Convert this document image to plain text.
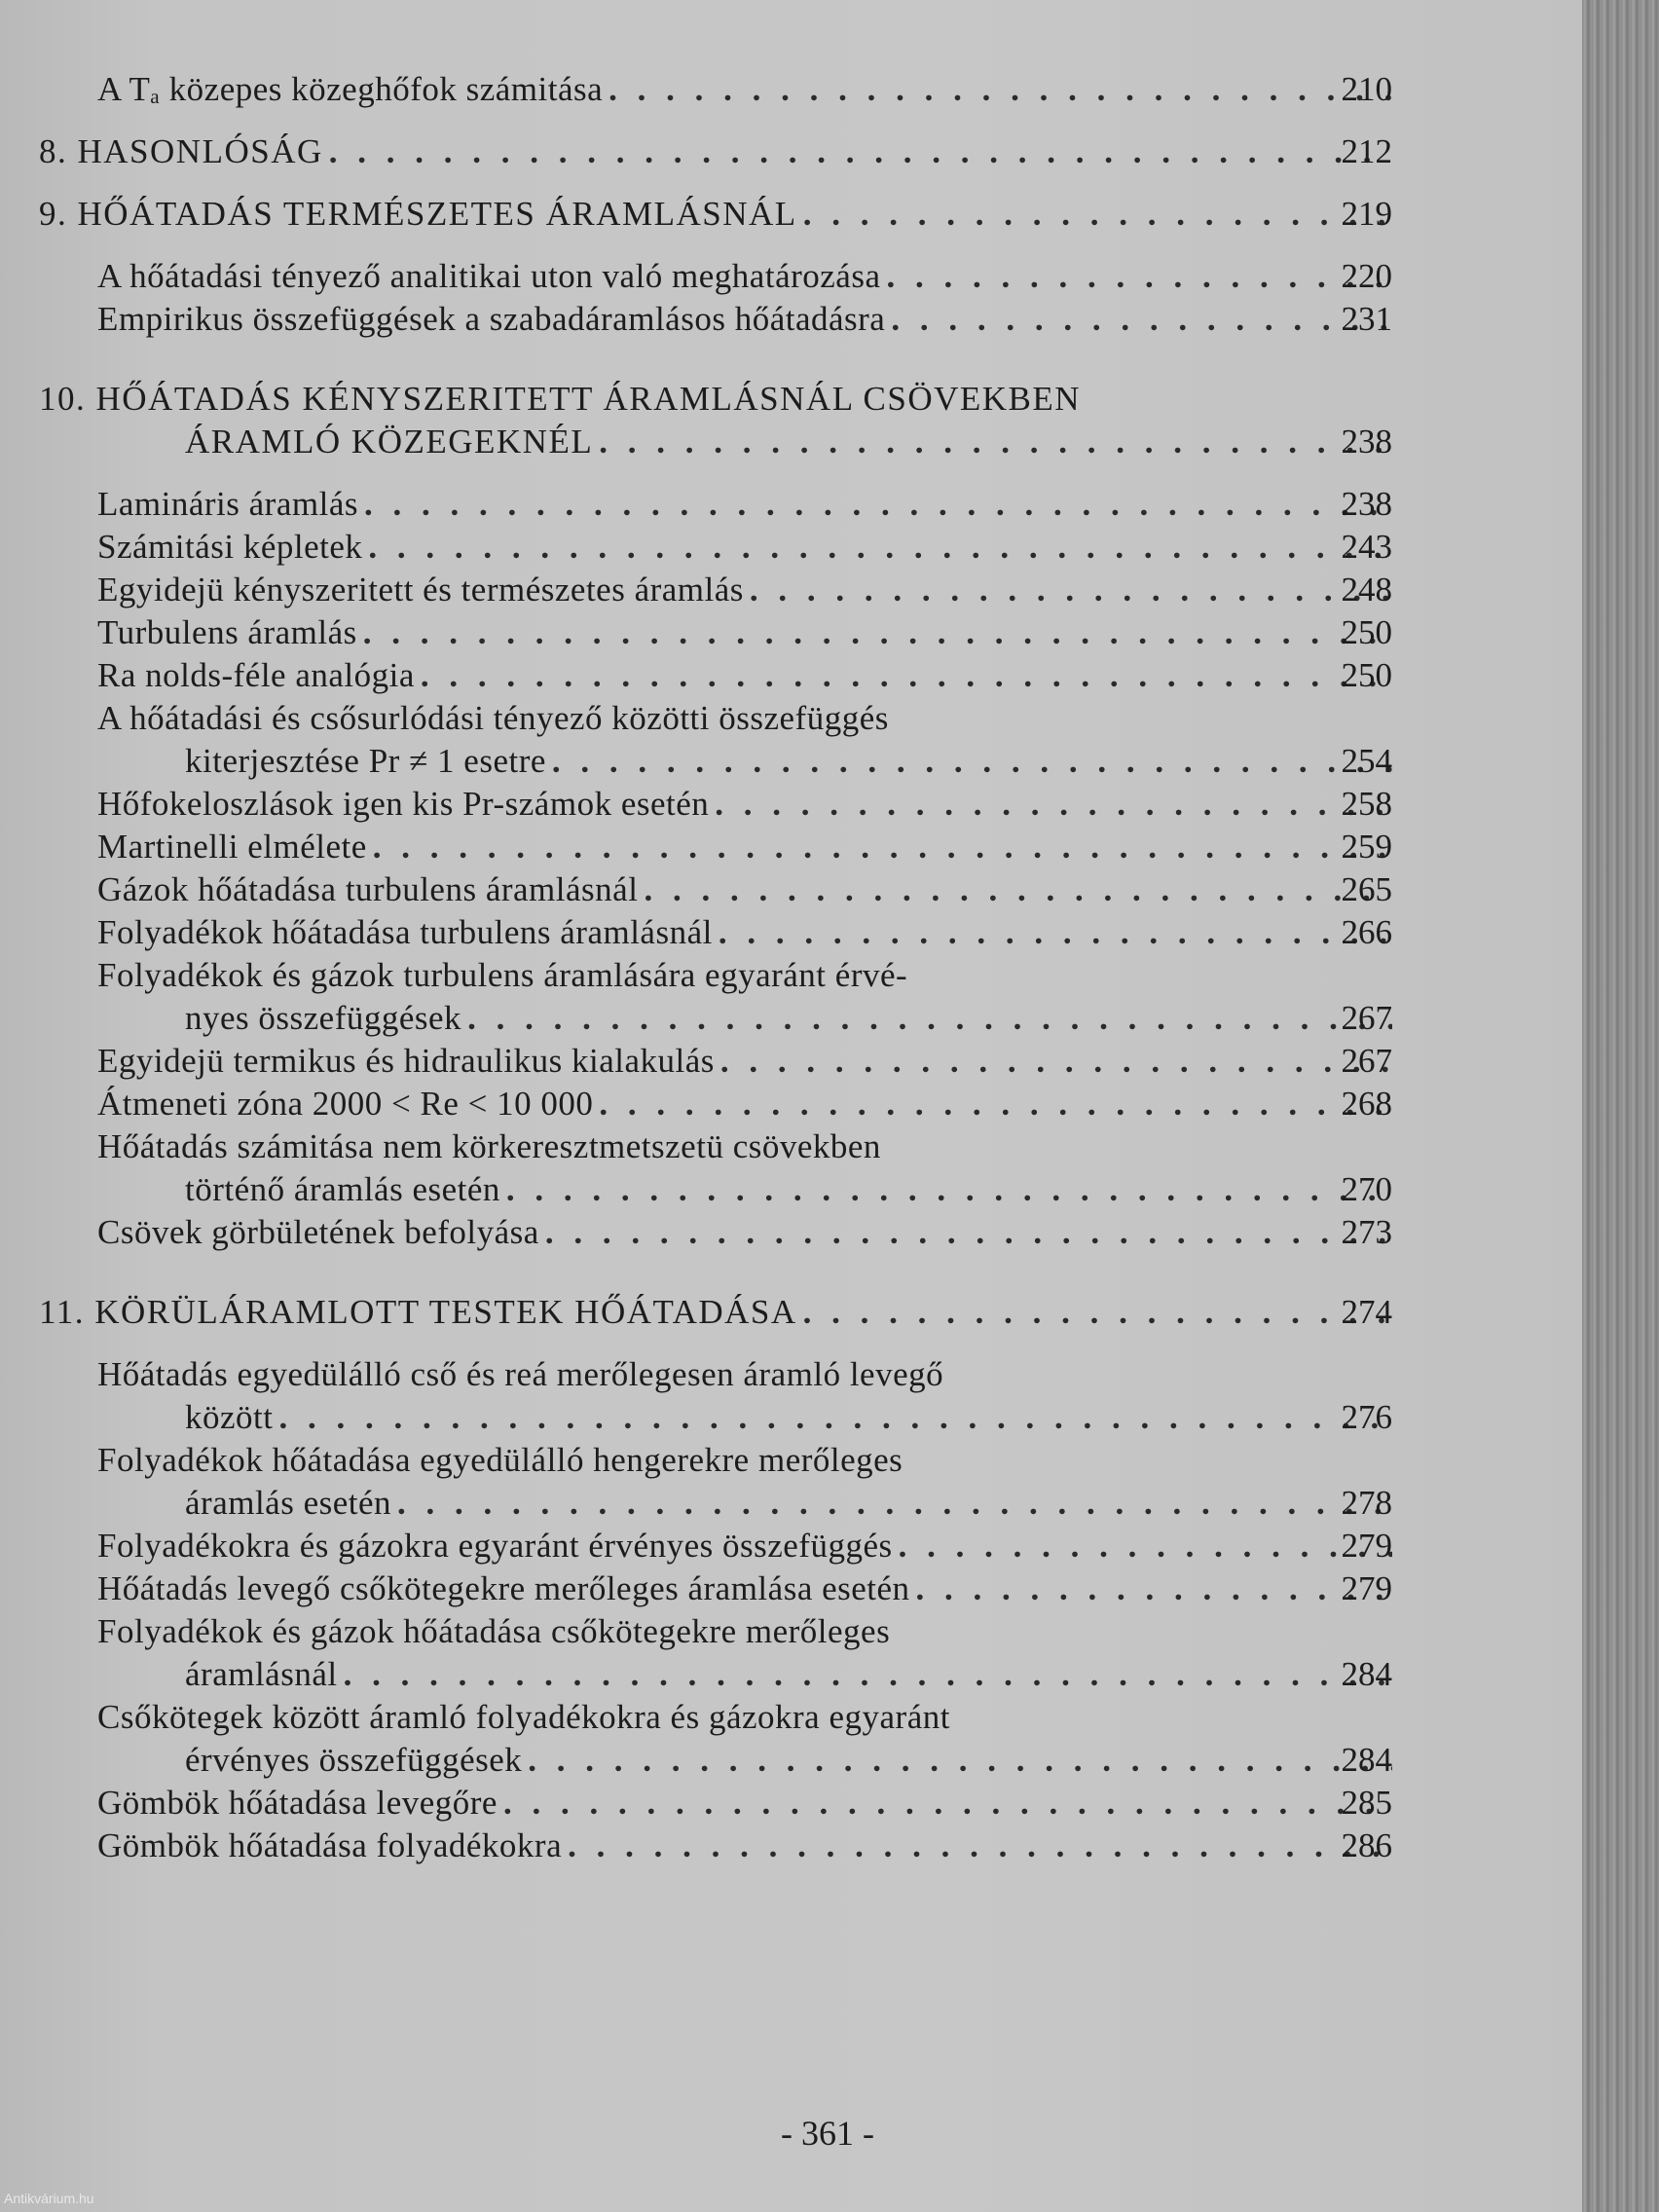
A Tₐ közepes közeghőfok számitása . . .	210
8. HASONLÓSÁG . . .	212
9. HŐÁTADÁS TERMÉSZETES ÁRAMLÁSNÁL . . .	219
A hőátadási tényező analitikai uton való meghatározása . . .	220
Empirikus összefüggések a szabadáramlásos hőátadásra . . .	231
10. HŐÁTADÁS KÉNYSZERITETT ÁRAMLÁSNÁL CSÖVEKBEN
ÁRAMLÓ KÖZEGEKNÉL . . .	238
Lamináris áramlás . . .	238
Számitási képletek . . .	243
Egyidejü kényszeritett és természetes áramlás . . .	248
Turbulens áramlás . . .	250
Ra nolds-féle analógia . . .	250
A hőátadási és csősurlódási tényező közötti összefüggés
kiterjesztése Pr ≠ 1 esetre . . .	254
Hőfokeloszlások igen kis Pr-számok esetén . . .	258
Martinelli elmélete . . .	259
Gázok hőátadása turbulens áramlásnál . . .	265
Folyadékok hőátadása turbulens áramlásnál . . .	266
Folyadékok és gázok turbulens áramlására egyaránt érvé-
nyes összefüggések . . .	267
Egyidejü termikus és hidraulikus kialakulás . . .	267
Átmeneti zóna 2000 < Re < 10 000 . . .	268
Hőátadás számitása nem körkeresztmetszetü csövekben
történő áramlás esetén . . .	270
Csövek görbületének befolyása . . .	273
11. KÖRÜLÁRAMLOTT TESTEK HŐÁTADÁSA . . .	274
Hőátadás egyedülálló cső és reá merőlegesen áramló levegő
között . . .	276
Folyadékok hőátadása egyedülálló hengerekre merőleges
áramlás esetén . . .	278
Folyadékokra és gázokra egyaránt érvényes összefüggés . . .	279
Hőátadás levegő csőkötegekre merőleges áramlása esetén . . .	279
Folyadékok és gázok hőátadása csőkötegekre merőleges
áramlásnál . . .	284
Csőkötegek között áramló folyadékokra és gázokra egyaránt
érvényes összefüggések . . .	284
Gömbök hőátadása levegőre . . .	285
Gömbök hőátadása folyadékokra . . .	286
- 361 -
Antikvárium.hu
